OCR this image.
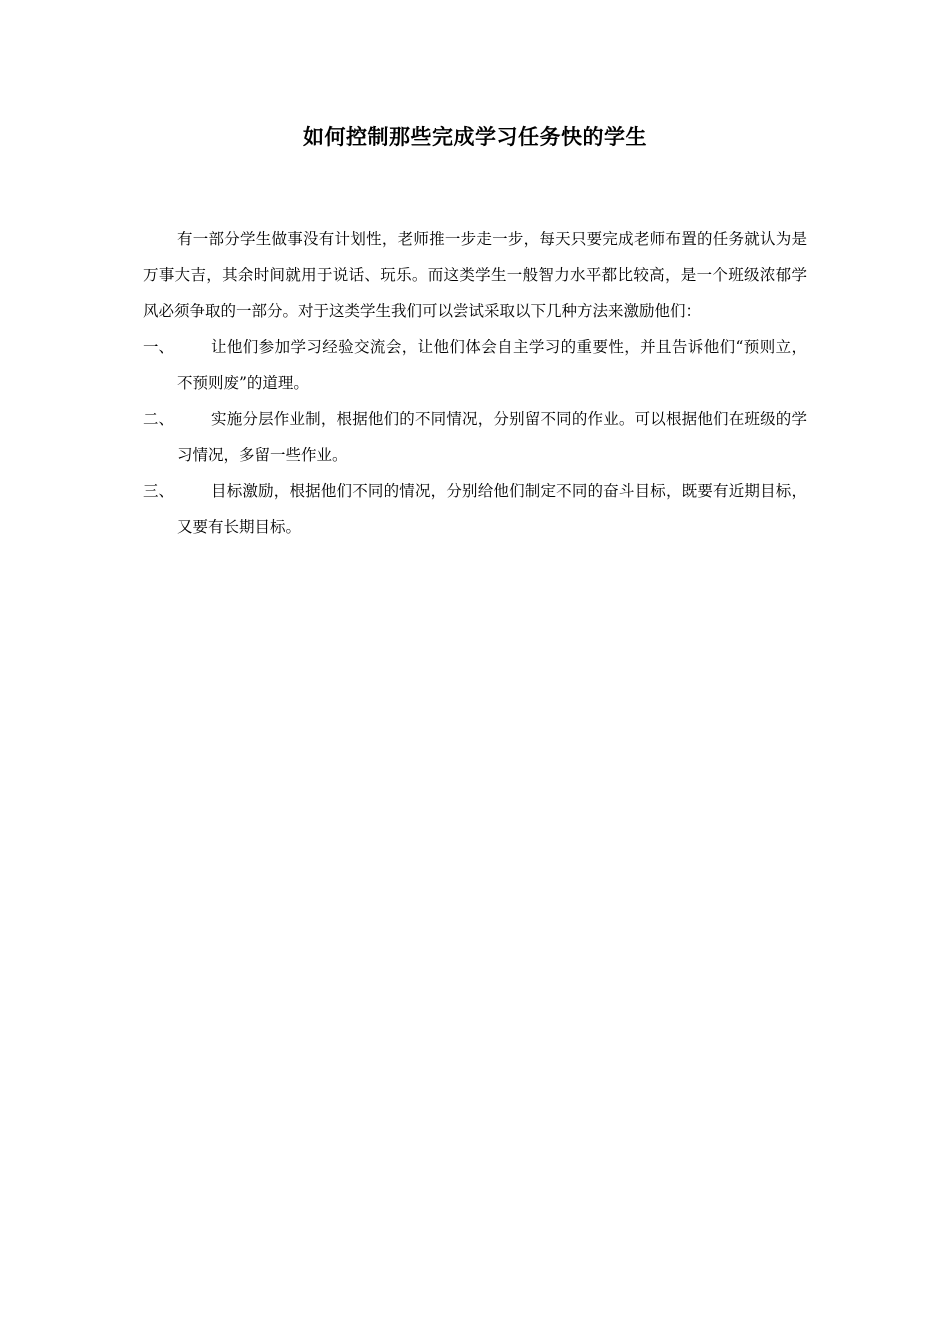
如何控制那些完成学习任务快的学生

有一部分学生做事没有计划性，老师推一步走一步，每天只要完成老师布置的任务就认为是万事大吉，其余时间就用于说话、玩乐。而这类学生一般智力水平都比较高，是一个班级浓郁学风必须争取的一部分。对于这类学生我们可以尝试采取以下几种方法来激励他们：

一、	让他们参加学习经验交流会，让他们体会自主学习的重要性，并且告诉他们“预则立，不预则废”的道理。
二、	实施分层作业制，根据他们的不同情况，分别留不同的作业。可以根据他们在班级的学习情况，多留一些作业。
三、	目标激励，根据他们不同的情况，分别给他们制定不同的奋斗目标，既要有近期目标，又要有长期目标。
